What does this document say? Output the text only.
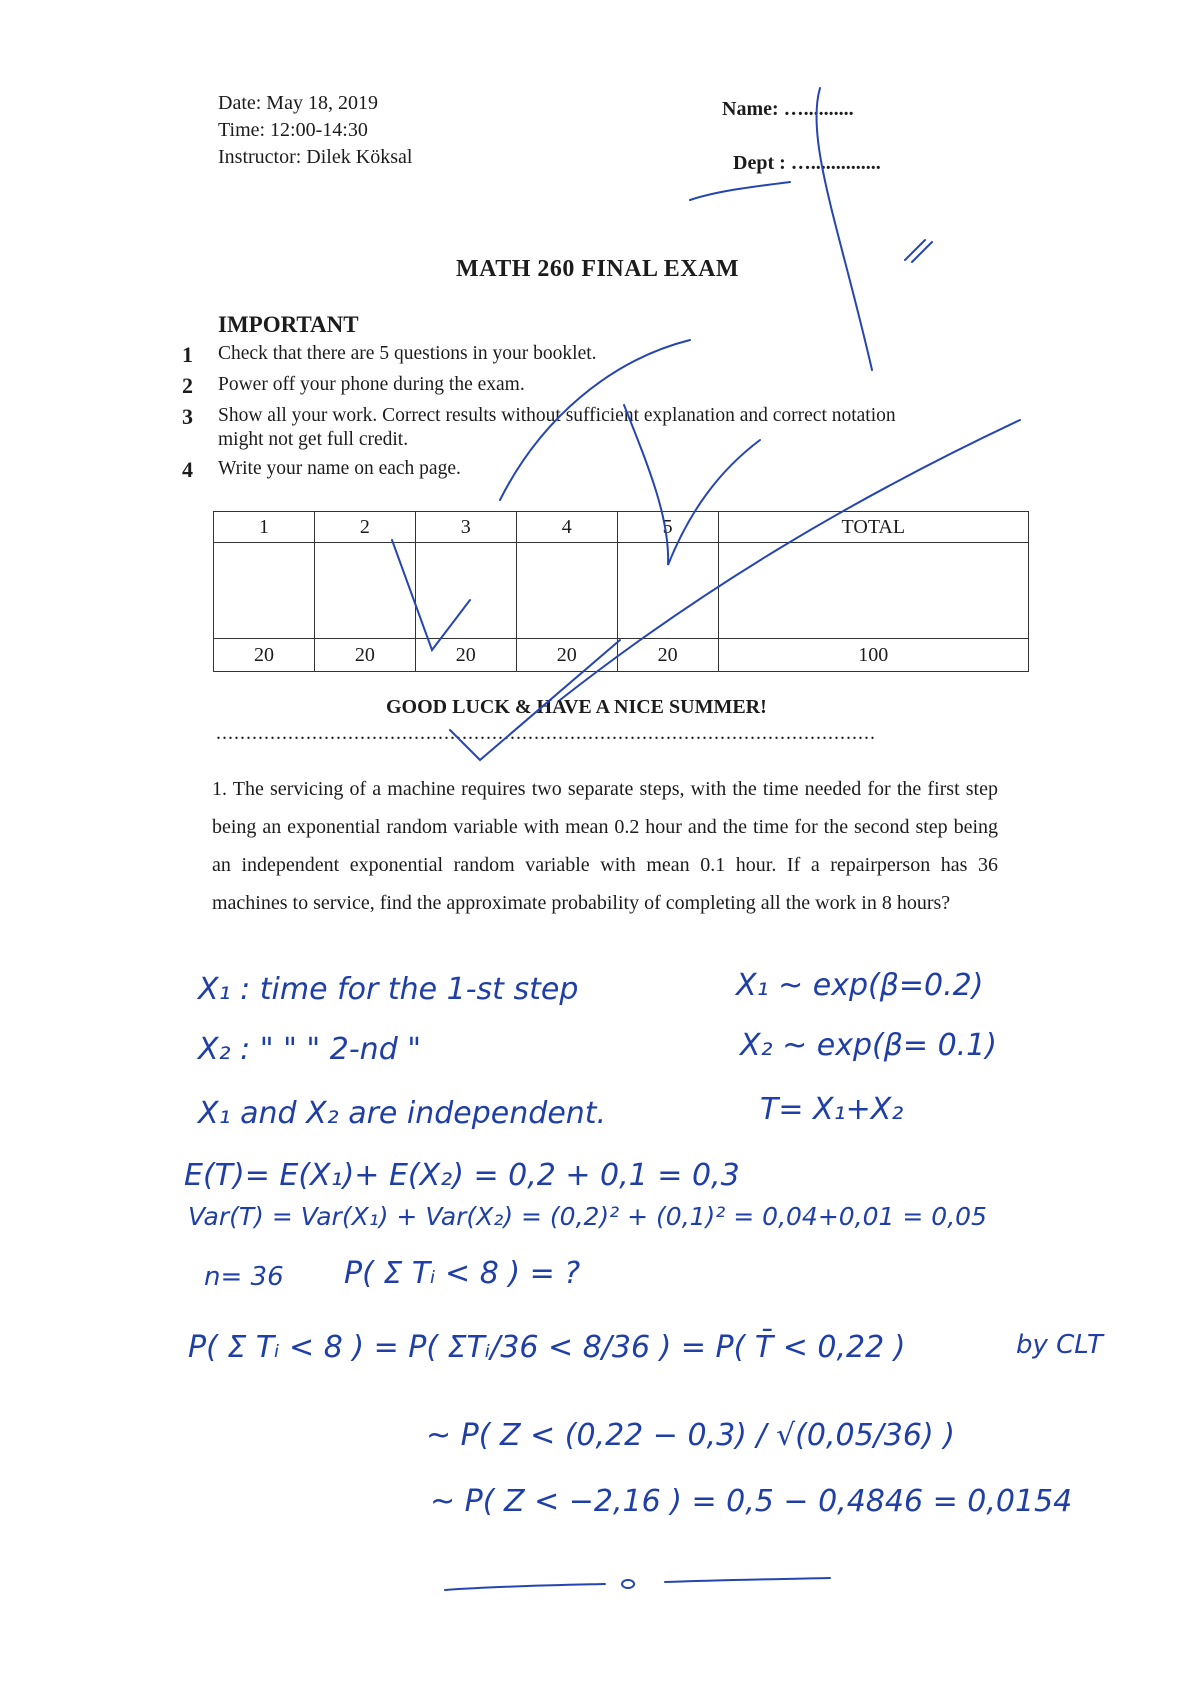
Date: May 18, 2019
Time: 12:00-14:30
Instructor: Dilek Köksal
Name: …..........
Dept : …..............
MATH 260 FINAL EXAM
IMPORTANT
1	Check that there are 5 questions in your booklet.
2	Power off your phone during the exam.
3	Show all your work. Correct results without sufficient explanation and correct notation might not get full credit.
4	Write your name on each page.
1	2	3	4	5	TOTAL

20	20	20	20	20	100
GOOD LUCK & HAVE A NICE SUMMER!
..............................................................................................................
1. The servicing of a machine requires two separate steps, with the time needed for the first step being an exponential random variable with mean 0.2 hour and the time for the second step being an independent exponential random variable with mean 0.1 hour. If a repairperson has 36 machines to service, find the approximate probability of completing all the work in 8 hours?
X₁ : time for the 1-st step	X₁ ~ exp(β=0.2)
X₂ : " " " 2-nd "	X₂ ~ exp(β= 0.1)
X₁ and X₂ are independent.	T= X₁+X₂
E(T)= E(X₁)+ E(X₂) = 0,2 + 0,1 = 0,3
Var(T) = Var(X₁) + Var(X₂) = (0,2)² + (0,1)² = 0,04+0,01 = 0,05
n= 36 P( Σ Tᵢ < 8 ) = ?
P( Σ Tᵢ < 8 ) = P( ΣTᵢ/36 < 8/36 ) = P( T̄ < 0,22 )	by CLT
~ P( Z < (0,22 − 0,3) / √(0,05/36) )
~ P( Z < −2,16 ) = 0,5 − 0,4846 = 0,0154
